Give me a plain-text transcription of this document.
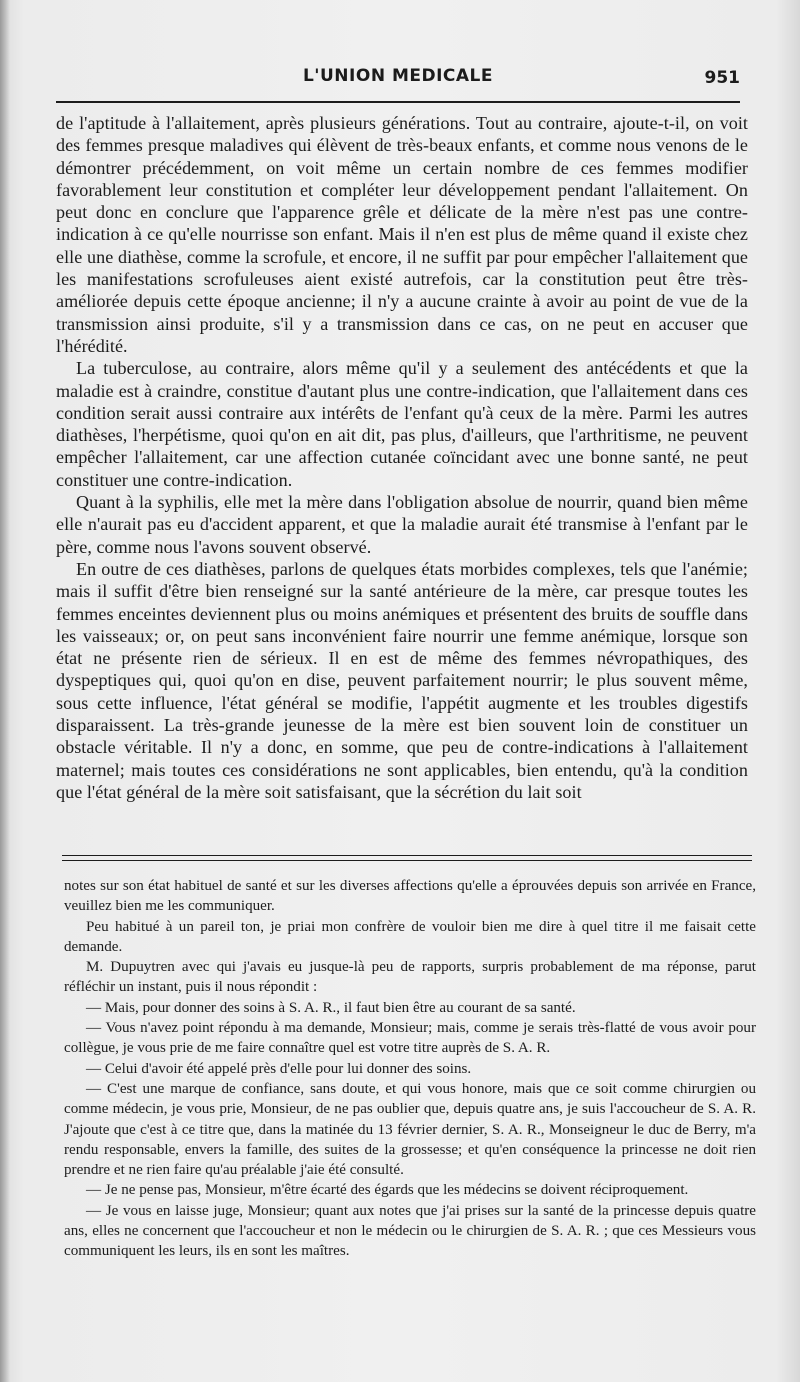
L'UNION MEDICALE	951

de l'aptitude à l'allaitement, après plusieurs générations. Tout au contraire, ajoute-t-il, on voit des femmes presque maladives qui élèvent de très-beaux enfants, et comme nous venons de le démontrer précédemment, on voit même un certain nombre de ces femmes modifier favorablement leur constitution et compléter leur développement pendant l'allaitement. On peut donc en conclure que l'apparence grêle et délicate de la mère n'est pas une contre-indication à ce qu'elle nourrisse son enfant. Mais il n'en est plus de même quand il existe chez elle une diathèse, comme la scrofule, et encore, il ne suffit par pour empêcher l'allaitement que les manifestations scrofuleuses aient existé autrefois, car la constitution peut être très-améliorée depuis cette époque ancienne; il n'y a aucune crainte à avoir au point de vue de la transmission ainsi produite, s'il y a transmission dans ce cas, on ne peut en accuser que l'hérédité.

La tuberculose, au contraire, alors même qu'il y a seulement des antécédents et que la maladie est à craindre, constitue d'autant plus une contre-indication, que l'allaitement dans ces condition serait aussi contraire aux intérêts de l'enfant qu'à ceux de la mère. Parmi les autres diathèses, l'herpétisme, quoi qu'on en ait dit, pas plus, d'ailleurs, que l'arthritisme, ne peuvent empêcher l'allaitement, car une affection cutanée coïncidant avec une bonne santé, ne peut constituer une contre-indication.

Quant à la syphilis, elle met la mère dans l'obligation absolue de nourrir, quand bien même elle n'aurait pas eu d'accident apparent, et que la maladie aurait été transmise à l'enfant par le père, comme nous l'avons souvent observé.

En outre de ces diathèses, parlons de quelques états morbides complexes, tels que l'anémie; mais il suffit d'être bien renseigné sur la santé antérieure de la mère, car presque toutes les femmes enceintes deviennent plus ou moins anémiques et présentent des bruits de souffle dans les vaisseaux; or, on peut sans inconvénient faire nourrir une femme anémique, lorsque son état ne présente rien de sérieux. Il en est de même des femmes névropathiques, des dyspeptiques qui, quoi qu'on en dise, peuvent parfaitement nourrir; le plus souvent même, sous cette influence, l'état général se modifie, l'appétit augmente et les troubles digestifs disparaissent. La très-grande jeunesse de la mère est bien souvent loin de constituer un obstacle véritable. Il n'y a donc, en somme, que peu de contre-indications à l'allaitement maternel; mais toutes ces considérations ne sont applicables, bien entendu, qu'à la condition que l'état général de la mère soit satisfaisant, que la sécrétion du lait soit

notes sur son état habituel de santé et sur les diverses affections qu'elle a éprouvées depuis son arrivée en France, veuillez bien me les communiquer.

Peu habitué à un pareil ton, je priai mon confrère de vouloir bien me dire à quel titre il me faisait cette demande.

M. Dupuytren avec qui j'avais eu jusque-là peu de rapports, surpris probablement de ma réponse, parut réfléchir un instant, puis il nous répondit :

— Mais, pour donner des soins à S. A. R., il faut bien être au courant de sa santé.

— Vous n'avez point répondu à ma demande, Monsieur; mais, comme je serais très-flatté de vous avoir pour collègue, je vous prie de me faire connaître quel est votre titre auprès de S. A. R.

— Celui d'avoir été appelé près d'elle pour lui donner des soins.

— C'est une marque de confiance, sans doute, et qui vous honore, mais que ce soit comme chirurgien ou comme médecin, je vous prie, Monsieur, de ne pas oublier que, depuis quatre ans, je suis l'accoucheur de S. A. R. J'ajoute que c'est à ce titre que, dans la matinée du 13 février dernier, S. A. R., Monseigneur le duc de Berry, m'a rendu responsable, envers la famille, des suites de la grossesse; et qu'en conséquence la princesse ne doit rien prendre et ne rien faire qu'au préalable j'aie été consulté.

— Je ne pense pas, Monsieur, m'être écarté des égards que les médecins se doivent réciproquement.

— Je vous en laisse juge, Monsieur; quant aux notes que j'ai prises sur la santé de la princesse depuis quatre ans, elles ne concernent que l'accoucheur et non le médecin ou le chirurgien de S. A. R. ; que ces Messieurs vous communiquent les leurs, ils en sont les maîtres.
